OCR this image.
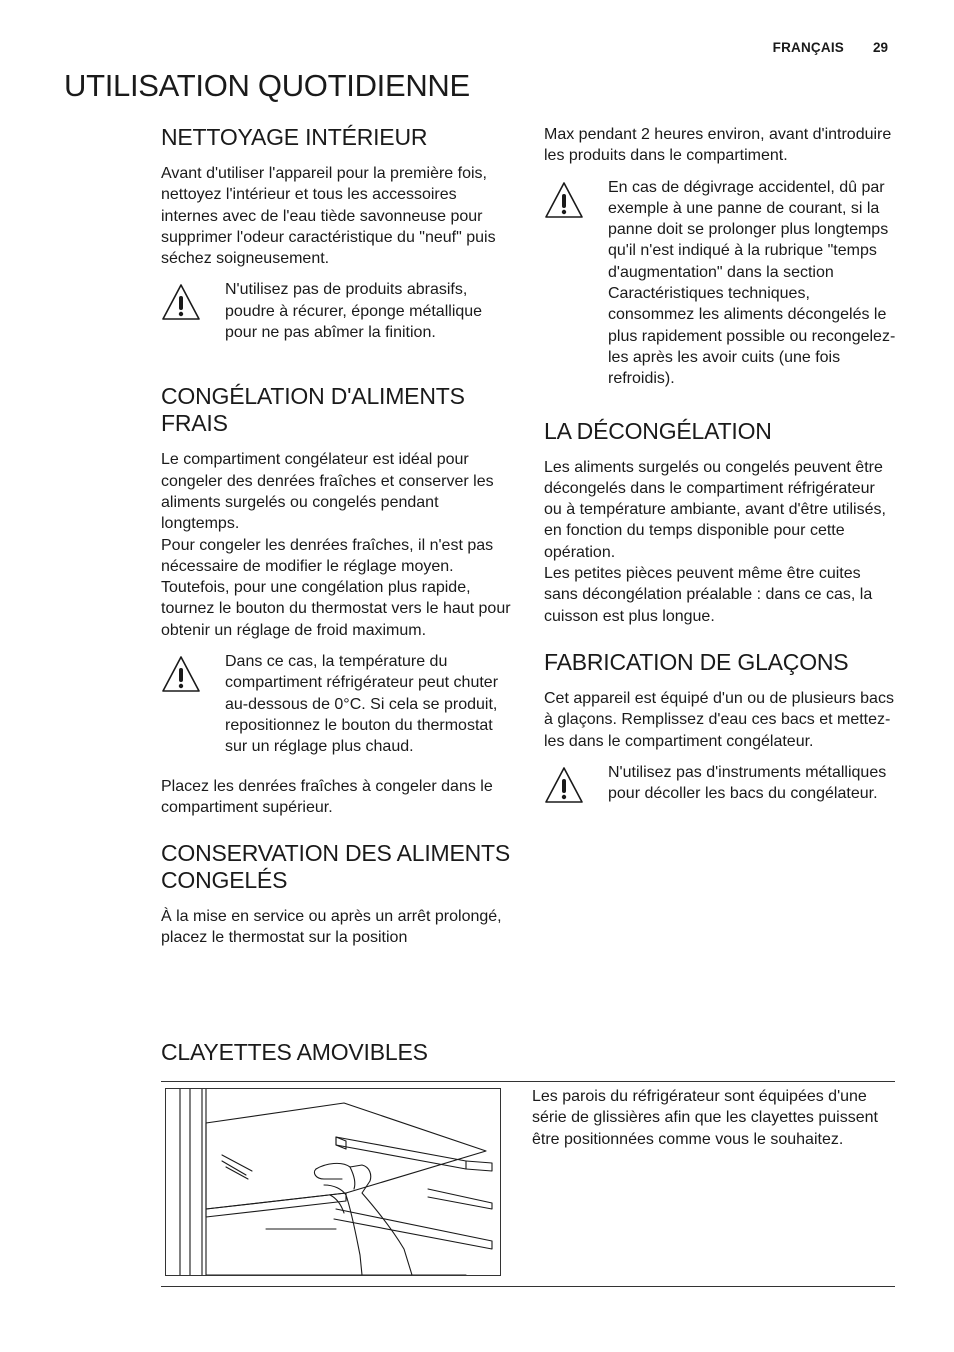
FRANÇAIS 29
UTILISATION QUOTIDIENNE
NETTOYAGE INTÉRIEUR

Avant d'utiliser l'appareil pour la première fois, nettoyez l'intérieur et tous les accessoires internes avec de l'eau tiède savonneuse pour supprimer l'odeur caractéristique du "neuf" puis séchez soigneusement.

N'utilisez pas de produits abrasifs, poudre à récurer, éponge métallique pour ne pas abîmer la finition.
CONGÉLATION D'ALIMENTS FRAIS

Le compartiment congélateur est idéal pour congeler des denrées fraîches et conserver les aliments surgelés ou congelés pendant longtemps.

Pour congeler les denrées fraîches, il n'est pas nécessaire de modifier le réglage moyen.

Toutefois, pour une congélation plus rapide, tournez le bouton du thermostat vers le haut pour obtenir un réglage de froid maximum.

Dans ce cas, la température du compartiment réfrigérateur peut chuter au-dessous de 0°C. Si cela se produit, repositionnez le bouton du thermostat sur un réglage plus chaud.

Placez les denrées fraîches à congeler dans le compartiment supérieur.

CONSERVATION DES ALIMENTS CONGELÉS

À la mise en service ou après un arrêt prolongé, placez le thermostat sur la position

Max pendant 2 heures environ, avant d'introduire les produits dans le compartiment.

En cas de dégivrage accidentel, dû par exemple à une panne de courant, si la panne doit se prolonger plus longtemps qu'il n'est indiqué à la rubrique "temps d'augmentation" dans la section Caractéristiques techniques, consommez les aliments décongelés le plus rapidement possible ou recongelez-les après les avoir cuits (une fois refroidis).
LA DÉCONGÉLATION

Les aliments surgelés ou congelés peuvent être décongelés dans le compartiment réfrigérateur ou à température ambiante, avant d'être utilisés, en fonction du temps disponible pour cette opération.

Les petites pièces peuvent même être cuites sans décongélation préalable : dans ce cas, la cuisson est plus longue.

FABRICATION DE GLAÇONS

Cet appareil est équipé d'un ou de plusieurs bacs à glaçons. Remplissez d'eau ces bacs et mettez-les dans le compartiment congélateur.

N'utilisez pas d'instruments métalliques pour décoller les bacs du congélateur.
CLAYETTES AMOVIBLES

Les parois du réfrigérateur sont équipées d'une série de glissières afin que les clayettes puissent être positionnées comme vous le souhaitez.
